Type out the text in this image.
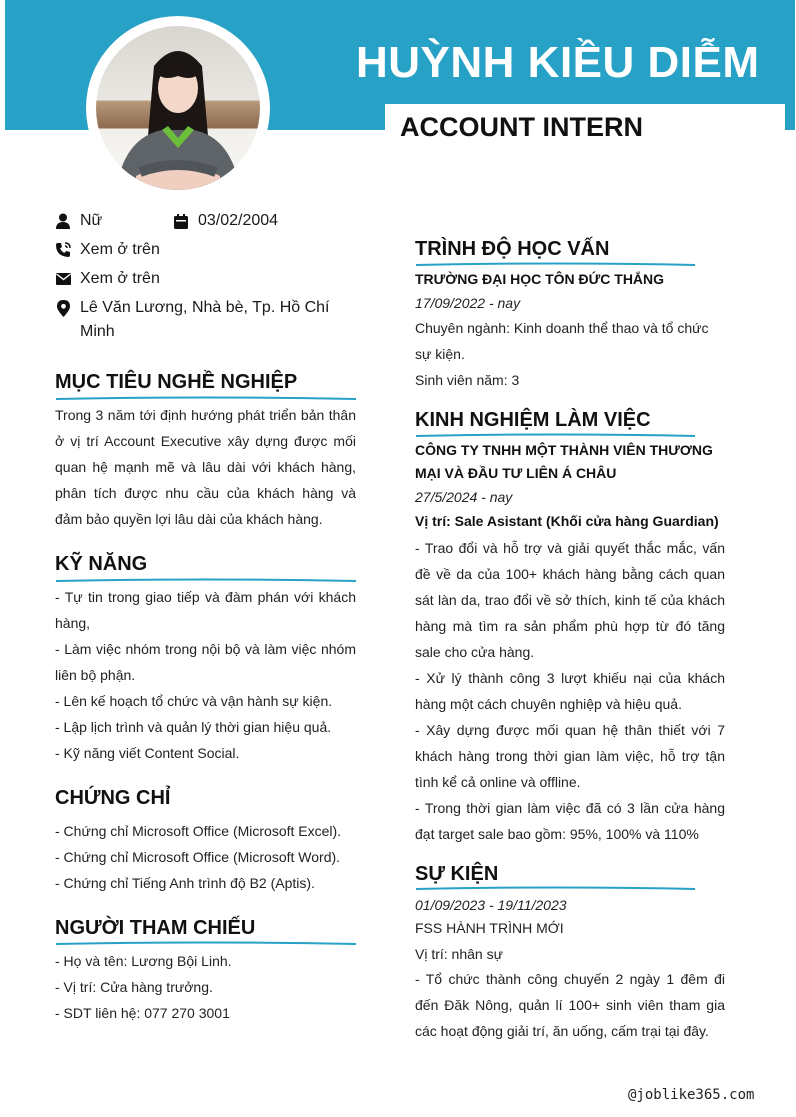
HUỲNH KIỀU DIỄM
ACCOUNT INTERN
Nữ	03/02/2004
Xem ở trên
Xem ở trên
Lê Văn Lương, Nhà bè, Tp. Hồ Chí Minh
MỤC TIÊU NGHỀ NGHIỆP
Trong 3 năm tới định hướng phát triển bản thân ở vị trí Account Executive xây dựng được mối quan hệ mạnh mẽ và lâu dài với khách hàng, phân tích được nhu cầu của khách hàng và đảm bảo quyền lợi lâu dài của khách hàng.
KỸ NĂNG
- Tự tin trong giao tiếp và đàm phán với khách hàng,
- Làm việc nhóm trong nội bộ và làm việc nhóm liên bộ phận.
- Lên kế hoạch tổ chức và vận hành sự kiện.
- Lập lịch trình và quản lý thời gian hiệu quả.
- Kỹ năng viết Content Social.
CHỨNG CHỈ
- Chứng chỉ Microsoft Office (Microsoft Excel).
- Chứng chỉ Microsoft Office (Microsoft Word).
- Chứng chỉ Tiếng Anh trình độ B2 (Aptis).
NGƯỜI THAM CHIẾU
- Họ và tên: Lương Bội Linh.
- Vị trí: Cửa hàng trưởng.
- SDT liên hệ: 077 270 3001
TRÌNH ĐỘ HỌC VẤN
TRƯỜNG ĐẠI HỌC TÔN ĐỨC THẮNG
17/09/2022 - nay
Chuyên ngành: Kinh doanh thể thao và tổ chức sự kiện.
Sinh viên năm: 3
KINH NGHIỆM LÀM VIỆC
CÔNG TY TNHH MỘT THÀNH VIÊN THƯƠNG MẠI VÀ ĐẦU TƯ LIÊN Á CHÂU
27/5/2024 - nay
Vị trí: Sale Asistant (Khối cửa hàng Guardian)
- Trao đổi và hỗ trợ và giải quyết thắc mắc, vấn đề về da của 100+ khách hàng bằng cách quan sát làn da, trao đổi về sở thích, kinh tế của khách hàng mà tìm ra sản phẩm phù hợp từ đó tăng sale cho cửa hàng.
- Xử lý thành công 3 lượt khiếu nại của khách hàng một cách chuyên nghiệp và hiệu quả.
- Xây dựng được mối quan hệ thân thiết với 7 khách hàng trong thời gian làm việc, hỗ trợ tận tình kể cả online và offline.
- Trong thời gian làm việc đã có 3 lần cửa hàng đạt target sale bao gồm: 95%, 100% và 110%
SỰ KIỆN
01/09/2023 - 19/11/2023
FSS HÀNH TRÌNH MỚI
Vị trí: nhân sự
- Tổ chức thành công chuyến 2 ngày 1 đêm đi đến Đăk Nông, quản lí 100+ sinh viên tham gia các hoạt động giải trí, ăn uống, cấm trại tại đây.
@joblike365.com
